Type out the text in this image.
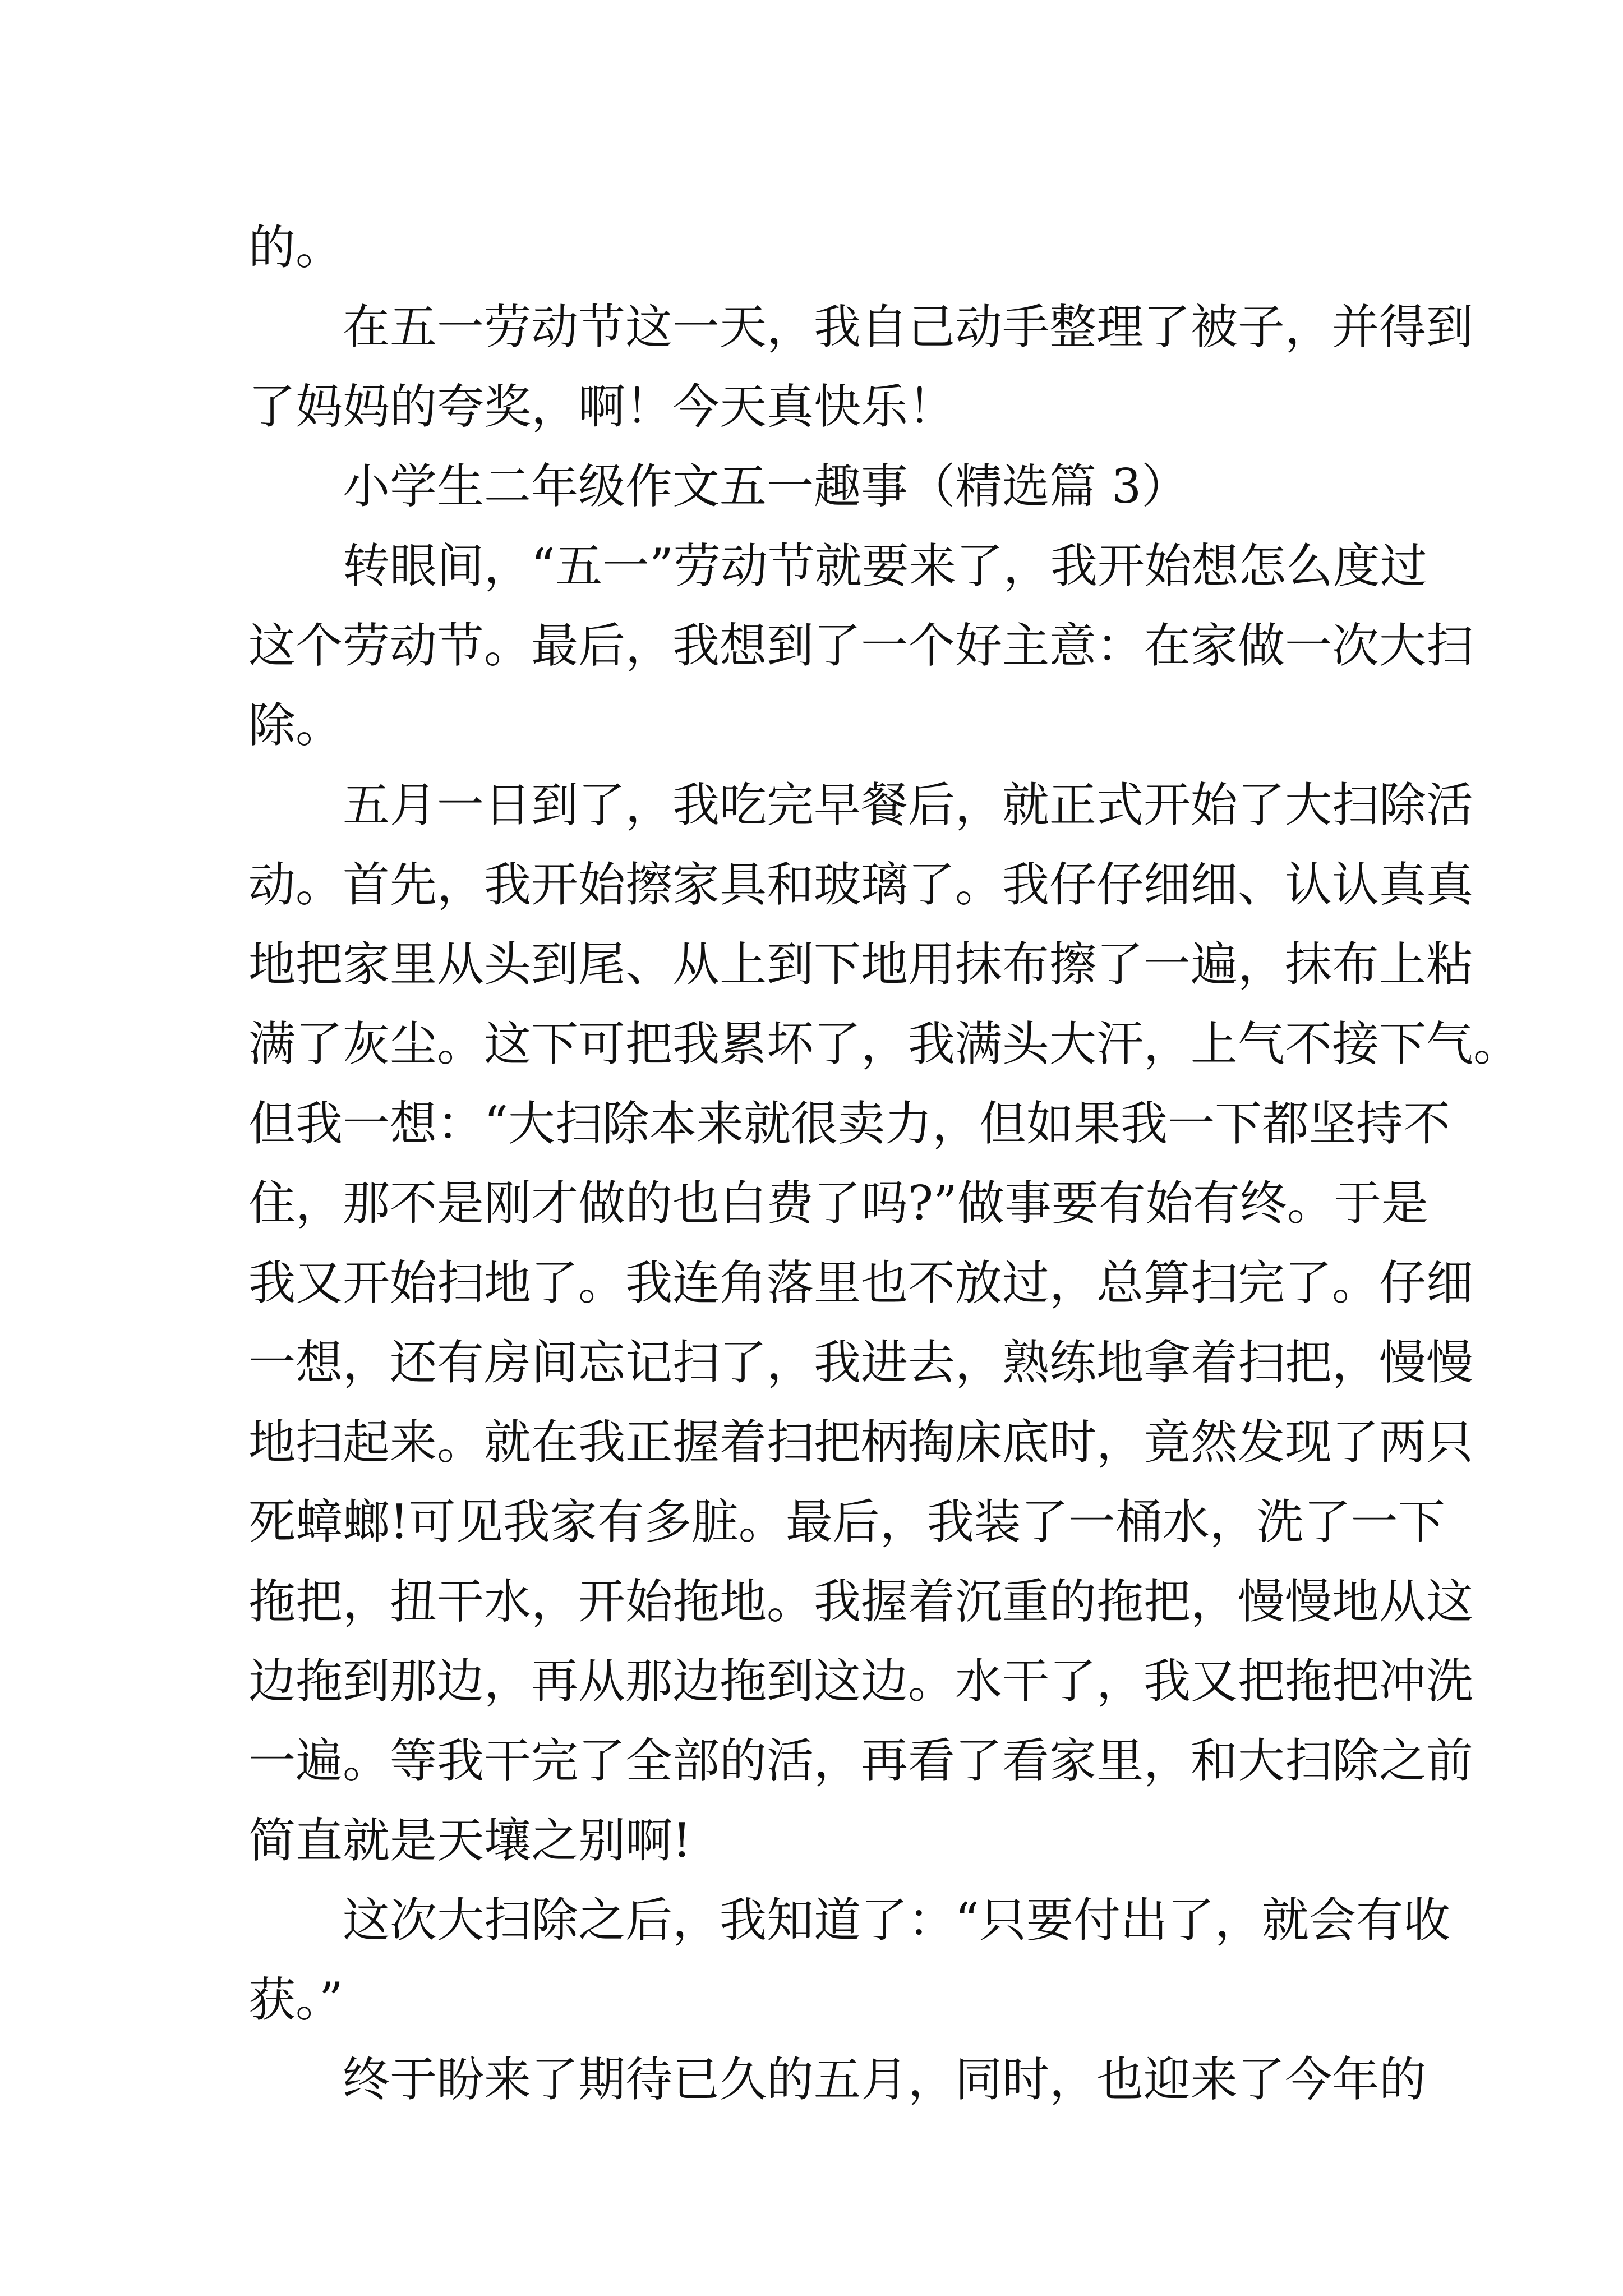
的。
在五一劳动节这一天，我自己动手整理了被子，并得到
了妈妈的夸奖，啊！今天真快乐！
小学生二年级作文五一趣事（精选篇 3）
转眼间，“五一”劳动节就要来了，我开始想怎么度过
这个劳动节。最后，我想到了一个好主意：在家做一次大扫
除。
五月一日到了，我吃完早餐后，就正式开始了大扫除活
动。首先，我开始擦家具和玻璃了。我仔仔细细、认认真真
地把家里从头到尾、从上到下地用抹布擦了一遍，抹布上粘
满了灰尘。这下可把我累坏了，我满头大汗，上气不接下气。
但我一想：“大扫除本来就很卖力，但如果我一下都坚持不
住，那不是刚才做的也白费了吗?”做事要有始有终。于是
我又开始扫地了。我连角落里也不放过，总算扫完了。仔细
一想，还有房间忘记扫了，我进去，熟练地拿着扫把，慢慢
地扫起来。就在我正握着扫把柄掏床底时，竟然发现了两只
死蟑螂!可见我家有多脏。最后，我装了一桶水，洗了一下
拖把，扭干水，开始拖地。我握着沉重的拖把，慢慢地从这
边拖到那边，再从那边拖到这边。水干了，我又把拖把冲洗
一遍。等我干完了全部的活，再看了看家里，和大扫除之前
简直就是天壤之别啊!
这次大扫除之后，我知道了：“只要付出了，就会有收
获。”
终于盼来了期待已久的五月，同时，也迎来了今年的
